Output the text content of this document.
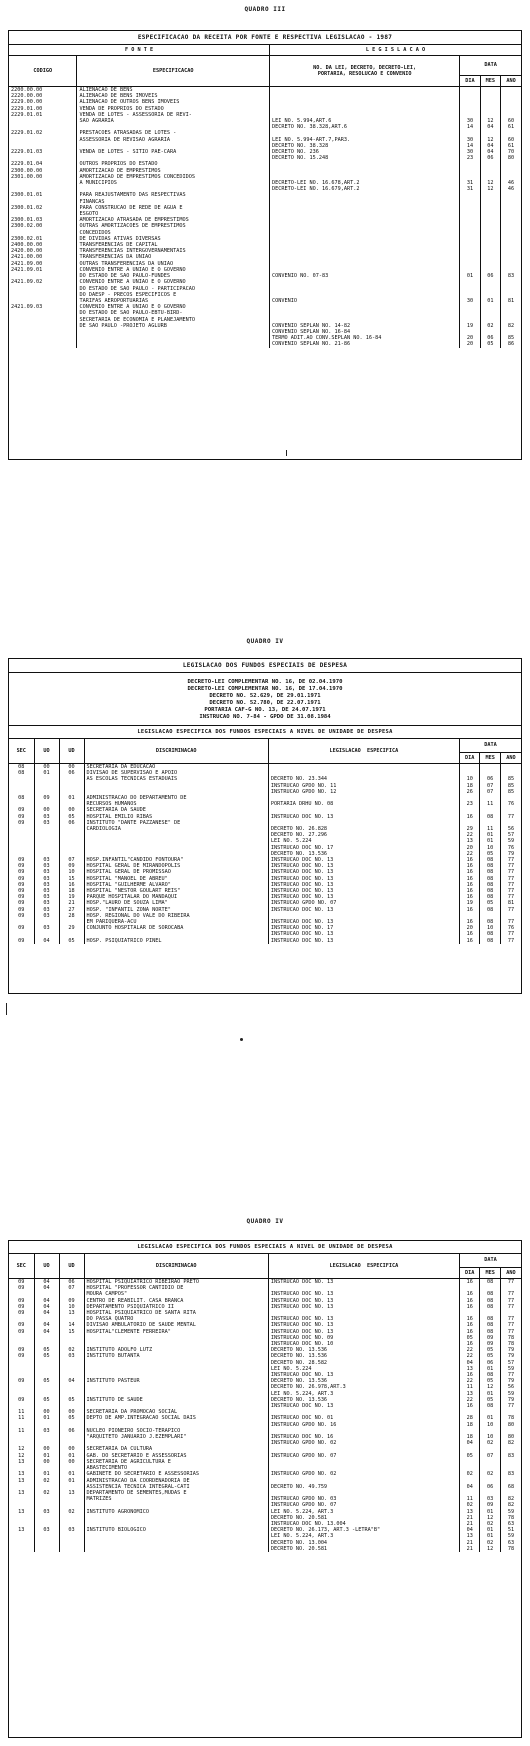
QUADRO III
ESPECIFICACAO DA RECEITA POR FONTE E RESPECTIVA LEGISLACAO - 1987
F O N T E		L E G I S L A C A O			
CODIGO	ESPECIFICACAO	NO. DA LEI, DECRETO, DECRETO-LEI,
PORTARIA, RESOLUCAO E CONVENIO	DATA		
			DIA	MES	ANO
2200.00.00	ALIENACAO DE BENS				
2220.00.00	ALIENACAO DE BENS IMOVEIS				
2229.00.00	ALIENACAO DE OUTROS BENS IMOVEIS				
2229.01.00	VENDA DE PROPRIOS DO ESTADO				
2229.01.01	VENDA DE LOTES - ASSESSORIA DE REVI-				
	SAO AGRARIA	LEI NO. 5.994,ART.6	30	12	60
		DECRETO NO. 38.328,ART.6	14	04	61
2229.01.02	PRESTACOES ATRASADAS DE LOTES -				
	ASSESSORIA DE REVISAO AGRARIA	LEI NO. 5.994-ART.7,PAR3.	30	12	60
		DECRETO NO. 38.328	14	04	61
2229.01.03	VENDA DE LOTES - SITIO PAE-CARA	DECRETO NO. 236	30	04	70
		DECRETO NO. 15.248	23	06	80
2229.01.04	OUTROS PROPRIOS DO ESTADO				
2300.00.00	AMORTIZACAO DE EMPRESTIMOS				
2301.00.00	AMORTIZACAO DE EMPRESTIMOS CONCEDIDOS				
	A MUNICIPIOS	DECRETO-LEI NO. 16.678,ART.2	31	12	46
		DECRETO-LEI NO. 16.679,ART.2	31	12	46
2300.01.01	PARA REAJUSTAMENTO DAS RESPECTIVAS				
	FINANCAS				
2300.01.02	PARA CONSTRUCAO DE REDE DE AGUA E				
	ESGOTO				
2300.01.03	AMORTIZACAO ATRASADA DE EMPRESTIMOS				
2300.02.00	OUTRAS AMORTIZACOES DE EMPRESTIMOS				
	CONCEDIDOS				
2300.02.01	DE DIVIDAS ATIVAS DIVERSAS				
2400.00.00	TRANSFERENCIAS DE CAPITAL				
2420.00.00	TRANSFERENCIAS INTERGOVERNAMENTAIS				
2421.00.00	TRANSFERENCIAS DA UNIAO				
2421.09.00	OUTRAS TRANSFERENCIAS DA UNIAO				
2421.09.01	CONVENIO ENTRE A UNIAO E O GOVERNO				
	DO ESTADO DE SAO PAULO-FUNDES	CONVENIO NO. 07-83	01	06	83
2421.09.02	CONVENIO ENTRE A UNIAO E O GOVERNO				
	DO ESTADO DE SAO PAULO - PARTICIPACAO				
	DO DAESP - PRECOS ESPECIFICOS E				
	TARIFAS AEROPORTUARIAS	CONVENIO	30	01	81
2421.09.03	CONVENIO ENTRE A UNIAO E O GOVERNO				
	DO ESTADO DE SAO PAULO-EBTU-BIRD-				
	SECRETARIA DE ECONOMIA E PLANEJAMENTO				
	DE SAO PAULO -PROJETO AGLURB	CONVENIO SEPLAN NO. 14-82	19	02	82
		CONVENIO SEPLAN NO. 16-84			
		TERMO ADIT.AO CONV.SEPLAN NO. 16-84	20	06	85
		CONVENIO SEPLAN NO. 21-86	20	05	86
QUADRO IV
LEGISLACAO DOS FUNDOS ESPECIAIS DE DESPESA
DECRETO-LEI COMPLEMENTAR NO. 16, DE 02.04.1970
DECRETO-LEI COMPLEMENTAR NO. 16, DE 17.04.1970
DECRETO NO. 52.629, DE 29.01.1971
DECRETO NO. 52.780, DE 22.07.1971
PORTARIA CAF-G NO. 13, DE 24.07.1971
INSTRUCAO NO. 7-84 - GPDO DE 31.08.1984
LEGISLACAO ESPECIFICA DOS FUNDOS ESPECIAIS A NIVEL DE UNIDADE DE DESPESA
SEC	UO	UD	DISCRIMINACAO	LEGISLACAO  ESPECIFICA	DATA		
					DIA	MES	ANO
08	00	00	SECRETARIA DA EDUCACAO				
08	01	06	DIVISAO DE SUPERVISAO E APOIO				
			AS ESCOLAS TECNICAS ESTADUAIS	DECRETO NO. 23.344	10	06	85
				INSTRUCAO GPDO NO. 11	18	07	85
				INSTRUCAO GPDO NO. 12	26	07	85
08	09	01	ADMINISTRACAO DO DEPARTAMENTO DE				
			RECURSOS HUMANOS	PORTARIA DRHU NO. 08	23	11	76
09	00	00	SECRETARIA DA SAUDE				
09	03	05	HOSPITAL EMILIO RIBAS	INSTRUCAO DOC NO. 13	16	08	77
09	03	06	INSTITUTO "DANTE PAZZANESE" DE				
			CARDIOLOGIA	DECRETO NO. 26.828	29	11	56
				DECRETO NO. 27.296	22	01	57
				LEI NO. 5.224	13	01	59
				INSTRUCAO DOC NO. 17	20	10	76
				DECRETO NO. 13.536	22	05	79
09	03	07	HOSP.INFANTIL"CANDIDO FONTOURA"	INSTRUCAO DOC NO. 13	16	08	77
09	03	09	HOSPITAL GERAL DE MIRANDOPOLIS	INSTRUCAO DOC NO. 13	16	08	77
09	03	10	HOSPITAL GERAL DE PROMISSAO	INSTRUCAO DOC NO. 13	16	08	77
09	03	15	HOSPITAL "MANOEL DE ABREU"	INSTRUCAO DOC NO. 13	16	08	77
09	03	16	HOSPITAL "GUILHERME ALVARO"	INSTRUCAO DOC NO. 13	16	08	77
09	03	18	HOSPITAL "NESTOR GOULART REIS"	INSTRUCAO DOC NO. 13	16	08	77
09	03	19	PARQUE HOSPITALAR DO MANDAQUI	INSTRUCAO DOC NO. 13	16	08	77
09	03	21	HOSP."LAURO DE SOUZA LIMA"	INSTRUCAO GPDO NO. 07	19	05	81
09	03	27	HOSP. "INFANTIL ZONA NORTE"	INSTRUCAO DOC NO. 13	16	08	77
09	03	28	HOSP. REGIONAL DO VALE DO RIBEIRA				
			EM PARIQUERA-ACU	INSTRUCAO DOC NO. 13	16	08	77
09	03	29	CONJUNTO HOSPITALAR DE SOROCABA	INSTRUCAO DOC NO. 17	20	10	76
				INSTRUCAO DOC NO. 13	16	08	77
09	04	05	HOSP. PSIQUIATRICO PINEL	INSTRUCAO DOC NO. 13	16	08	77
QUADRO IV
LEGISLACAO ESPECIFICA DOS FUNDOS ESPECIAIS A NIVEL DE UNIDADE DE DESPESA
SEC	UO	UD	DISCRIMINACAO	LEGISLACAO  ESPECIFICA	DATA		
					DIA	MES	ANO
09	04	06	HOSPITAL PSIQUIATRICO RIBEIRAO PRETO	INSTRUCAO DOC NO. 13	16	08	77
09	04	07	HOSPITAL "PROFESSOR CANTIDIO DE				
			MOURA CAMPOS"	INSTRUCAO DOC NO. 13	16	08	77
09	04	09	CENTRO DE REABILIT. CASA BRANCA	INSTRUCAO DOC NO. 13	16	08	77
09	04	10	DEPARTAMENTO PSIQUIATRICO II	INSTRUCAO DOC NO. 13	16	08	77
09	04	13	HOSPITAL PSIQUIATRICO DE SANTA RITA				
			DO PASSA QUATRO	INSTRUCAO DOC NO. 13	16	08	77
09	04	14	DIVISAO AMBULATORIO DE SAUDE MENTAL	INSTRUCAO DOC NO. 13	16	08	77
09	04	15	HOSPITAL"CLEMENTE FERREIRA"	INSTRUCAO DOC NO. 13	16	08	77
				INSTRUCAO DOC NO. 09	05	09	78
				INSTRUCAO DOC NO. 10	16	09	78
09	05	02	INSTITUTO ADOLFO LUTZ	DECRETO NO. 13.536	22	05	79
09	05	03	INSTITUTO BUTANTA	DECRETO NO. 13.536	22	05	79
				DECRETO NO. 28.582	04	06	57
				LEI NO. 5.224	13	01	59
				INSTRUCAO DOC NO. 13	16	08	77
09	05	04	INSTITUTO PASTEUR	DECRETO NO. 13.536	22	05	79
				DECRETO NO. 26.978,ART.3	11	12	56
				LEI NO. 5.224, ART.3	13	01	59
09	05	05	INSTITUTO DE SAUDE	DECRETO NO. 13.536	22	05	79
				INSTRUCAO DOC NO. 13	16	08	77
11	00	00	SECRETARIA DA PROMOCAO SOCIAL				
11	01	05	DEPTO DE AMP.INTEGRACAO SOCIAL DAIS	INSTRUCAO DOC NO. 01	28	01	78
				INSTRUCAO GPDO NO. 16	18	10	80
11	03	06	NUCLEO PIONEIRO SOCIO-TERAPICO				
			"ARQUITETO JANUARIO J.EZEMPLARI"	INSTRUCAO DOC NO. 16	18	10	80
				INSTRUCAO GPDO NO. 02	04	02	82
12	00	00	SECRETARIA DA CULTURA				
12	01	01	GAB. DO SECRETARIO E ASSESSORIAS	INSTRUCAO GPDO NO. 07	05	07	83
13	00	00	SECRETARIA DE AGRICULTURA E				
			ABASTECIMENTO				
13	01	01	GABINETE DO SECRETARIO E ASSESSORIAS	INSTRUCAO GPDO NO. 02	02	02	83
13	02	01	ADMINISTRACAO DA COORDENADORIA DE				
			ASSISTENCIA TECNICA INTEGRAL-CATI	DECRETO NO. 49.759	04	06	68
13	02	13	DEPARTAMENTO DE SEMENTES,MUDAS E				
			MATRIZES	INSTRUCAO GPDO NO. 03	11	03	82
				INSTRUCAO GPDO NO. 07	02	09	82
13	03	02	INSTITUTO AGRONOMICO	LEI NO. 5.224, ART.3	13	01	59
				DECRETO NO. 20.581	21	12	78
				INSTRUCAO DOC NO. 13.004	21	02	63
13	03	03	INSTITUTO BIOLOGICO	DECRETO NO. 26.173, ART.3 -LETRA"B"	04	01	51
				LEI NO. 5.224, ART.3	13	01	59
				DECRETO NO. 13.004	21	02	63
				DECRETO NO. 20.581	21	12	78
